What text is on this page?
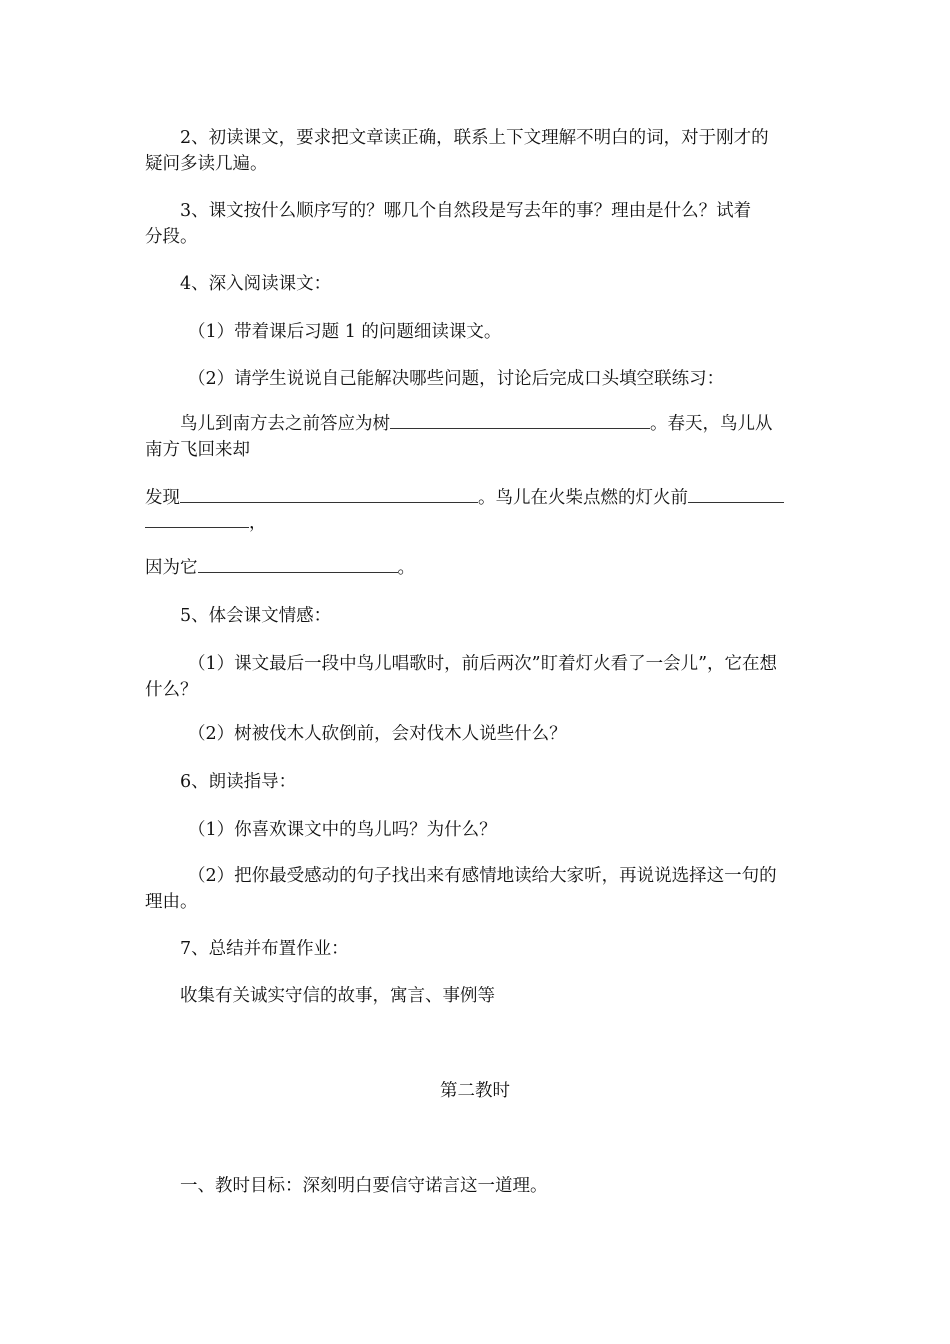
2、初读课文，要求把文章读正确，联系上下文理解不明白的词，对于刚才的
疑问多读几遍。
3、课文按什么顺序写的？哪几个自然段是写去年的事？理由是什么？试着
分段。
4、深入阅读课文：
（1）带着课后习题 1 的问题细读课文。
（2）请学生说说自己能解决哪些问题，讨论后完成口头填空联练习：
鸟儿到南方去之前答应为树	。春天，鸟儿从
南方飞回来却
发现	。鸟儿在火柴点燃的灯火前
，
因为它	。
5、体会课文情感：
（1）课文最后一段中鸟儿唱歌时，前后两次”盯着灯火看了一会儿”，它在想
什么？
（2）树被伐木人砍倒前，会对伐木人说些什么？
6、朗读指导：
（1）你喜欢课文中的鸟儿吗？为什么？
（2）把你最受感动的句子找出来有感情地读给大家听，再说说选择这一句的
理由。
7、总结并布置作业：
收集有关诚实守信的故事，寓言、事例等
第二教时
一、教时目标：深刻明白要信守诺言这一道理。
